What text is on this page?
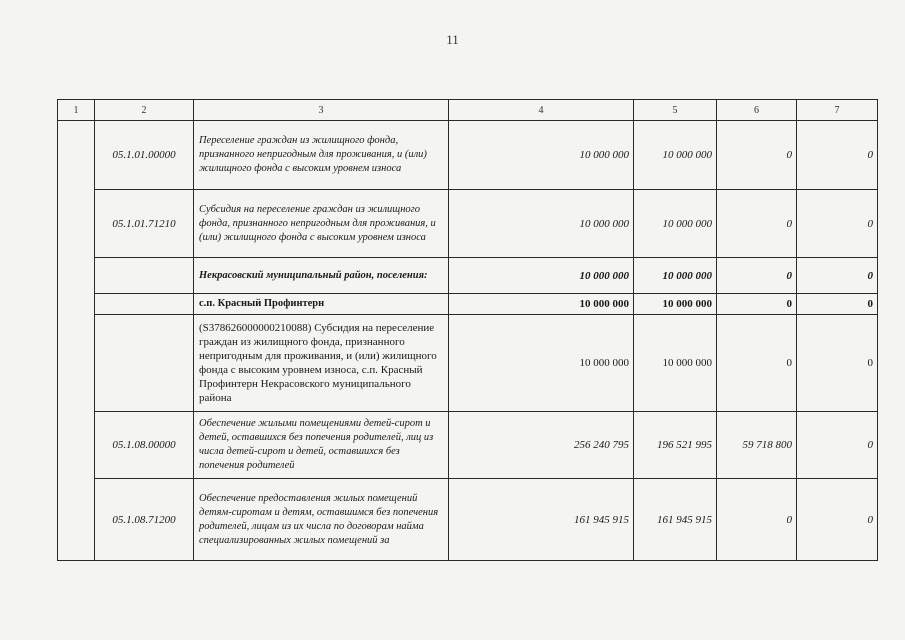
11
1	2	3	4	5	6	7
	05.1.01.00000	Переселение граждан из жилищного фонда, признанного непригодным для проживания, и (или) жилищного фонда с высоким уровнем износа	10 000 000	10 000 000	0	0
	05.1.01.71210	Субсидия на переселение граждан из жилищного фонда, признанного непригодным для проживания, и (или) жилищного фонда с высоким уровнем износа	10 000 000	10 000 000	0	0
		Некрасовский муниципальный район, поселения:	10 000 000	10 000 000	0	0
		с.п. Красный Профинтерн	10 000 000	10 000 000	0	0
		(S378626000000210088) Субсидия на переселение граждан из жилищного фонда, признанного непригодным для проживания, и (или) жилищного фонда с высоким уровнем износа, с.п. Красный Профинтерн Некрасовского муниципального района	10 000 000	10 000 000	0	0
	05.1.08.00000	Обеспечение жилыми помещениями детей-сирот и детей, оставшихся без попечения родителей, лиц из числа детей-сирот и детей, оставшихся без попечения родителей	256 240 795	196 521 995	59 718 800	0
	05.1.08.71200	Обеспечение предоставления жилых помещений детям-сиротам и детям, оставшимся без попечения родителей, лицам из их числа по договорам найма специализированных жилых помещений за	161 945 915	161 945 915	0	0
